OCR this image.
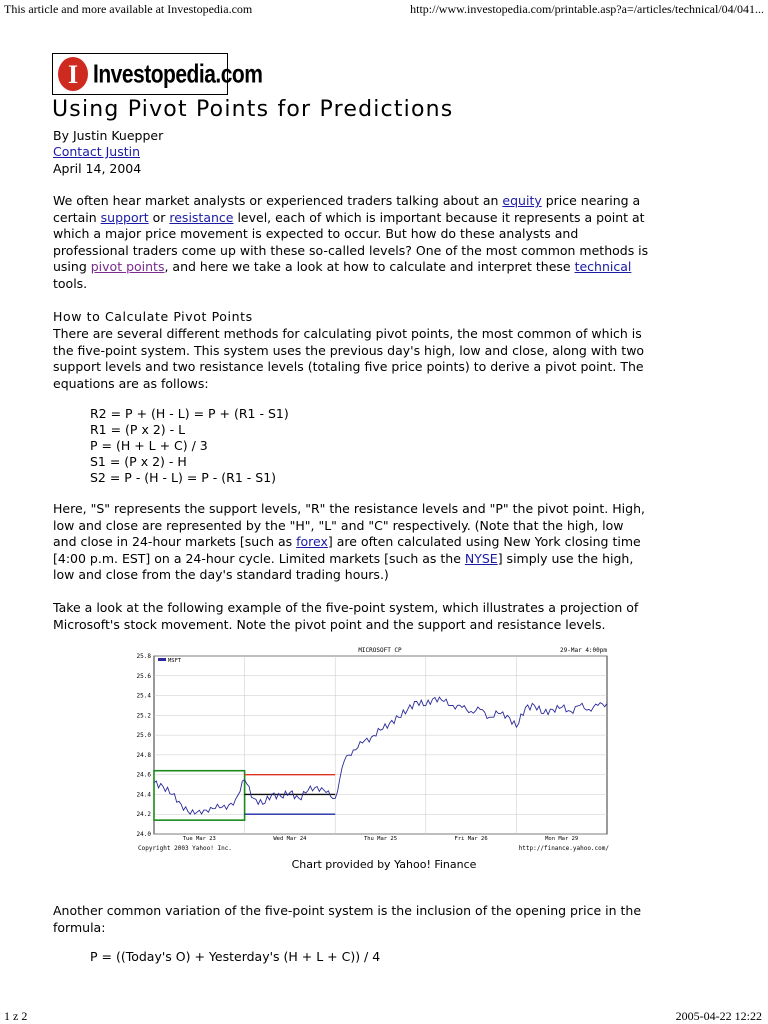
This article and more available at Investopedia.com	http://www.investopedia.com/printable.asp?a=/articles/technical/04/041...
I Investopedia.com
Using Pivot Points for Predictions

By Justin Kuepper

Contact Justin

April 14, 2004

We often hear market analysts or experienced traders talking about an equity price nearing a
certain support or resistance level, each of which is important because it represents a point at
which a major price movement is expected to occur. But how do these analysts and
professional traders come up with these so-called levels? One of the most common methods is
using pivot points, and here we take a look at how to calculate and interpret these technical
tools.
How to Calculate Pivot Points
There are several different methods for calculating pivot points, the most common of which is
the five-point system. This system uses the previous day's high, low and close, along with two
support levels and two resistance levels (totaling five price points) to derive a pivot point. The
equations are as follows:
R2 = P + (H - L) = P + (R1 - S1)
R1 = (P x 2) - L
P = (H + L + C) / 3
S1 = (P x 2) - H
S2 = P - (H - L) = P - (R1 - S1)
Here, "S" represents the support levels, "R" the resistance levels and "P" the pivot point. High,
low and close are represented by the "H", "L" and "C" respectively. (Note that the high, low
and close in 24-hour markets [such as forex] are often calculated using New York closing time
[4:00 p.m. EST] on a 24-hour cycle. Limited markets [such as the NYSE] simply use the high,
low and close from the day's standard trading hours.)
Take a look at the following example of the five-point system, which illustrates a projection of
Microsoft's stock movement. Note the pivot point and the support and resistance levels.
25.8
25.6
25.4
25.2
25.0
24.8
24.6
24.4
24.2
24.0
Tue Mar 23	Wed Mar 24	Thu Mar 25	Fri Mar 26	Mon Mar 29
MICROSOFT CP	29-Mar 4:00pm
MSFT
Copyright 2003 Yahoo! Inc.	http://finance.yahoo.com/
Chart provided by Yahoo! Finance
Another common variation of the five-point system is the inclusion of the opening price in the
formula:
P = ((Today's O) + Yesterday's (H + L + C)) / 4
1 z 2	2005-04-22 12:22
